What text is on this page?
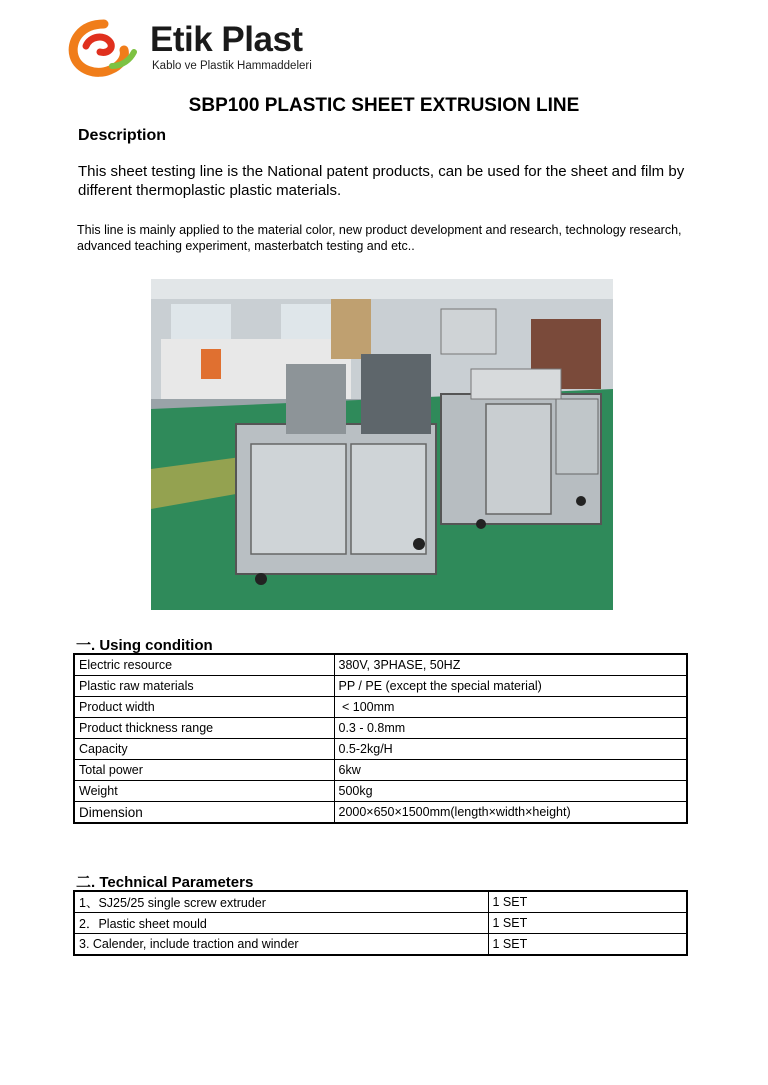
Etik Plast
Kablo ve Plastik Hammaddeleri
SBP100 PLASTIC SHEET EXTRUSION LINE
Description
This sheet testing line is the National patent products, can be used for the sheet and film by different thermoplastic plastic materials.
This line is mainly applied to the material color, new product development and research, technology research, advanced teaching experiment, masterbatch testing and etc..
一. Using condition
Electric resource	380V, 3PHASE, 50HZ
Plastic raw materials	PP / PE (except the special material)
Product width	< 100mm
Product thickness range	0.3 - 0.8mm
Capacity	0.5-2kg/H
Total power	6kw
Weight	500kg
Dimension	2000×650×1500mm(length×width×height)
二. Technical Parameters
1、SJ25/25 single screw extruder	1 SET
2．Plastic sheet mould	1 SET
3. Calender, include traction and winder	1 SET
